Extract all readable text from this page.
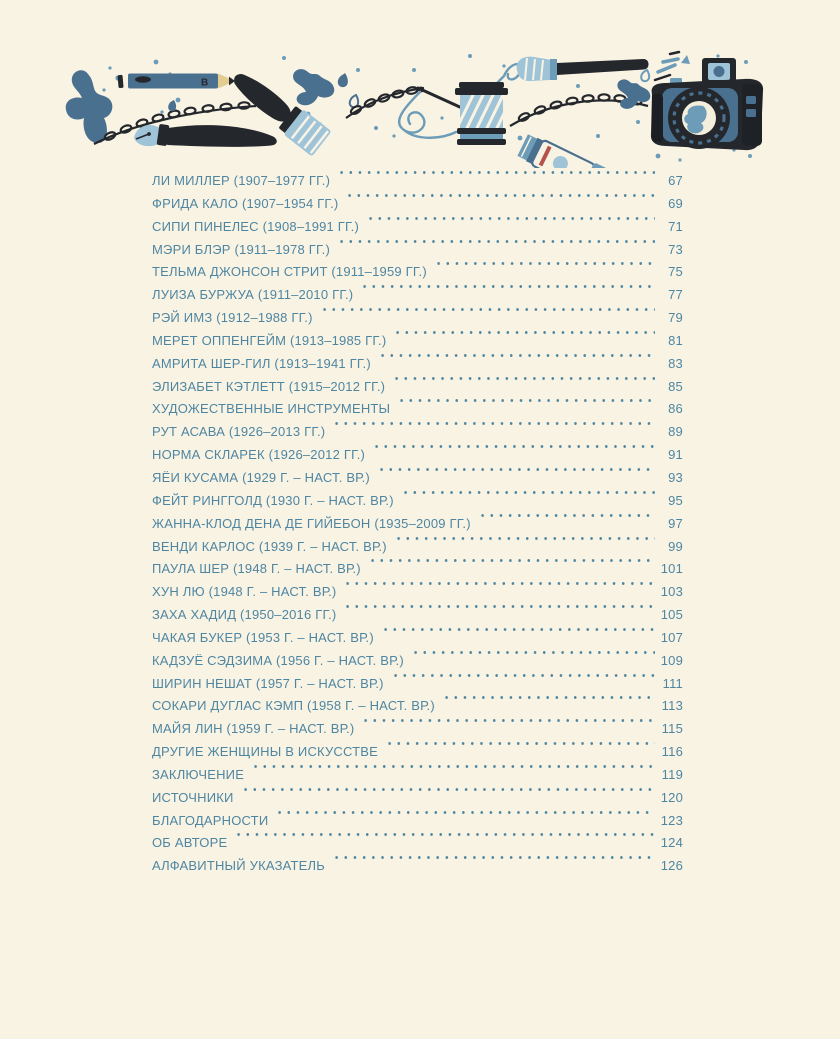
В
ЛИ МИЛЛЕР (1907–1977 ГГ.)	67
ФРИДА КАЛО (1907–1954 ГГ.)	69
СИПИ ПИНЕЛЕС (1908–1991 ГГ.)	71
МЭРИ БЛЭР (1911–1978 ГГ.)	73
ТЕЛЬМА ДЖОНСОН СТРИТ (1911–1959 ГГ.)	75
ЛУИЗА БУРЖУА (1911–2010 ГГ.)	77
РЭЙ ИМЗ (1912–1988 ГГ.)	79
МЕРЕТ ОППЕНГЕЙМ (1913–1985 ГГ.)	81
АМРИТА ШЕР-ГИЛ (1913–1941 ГГ.)	83
ЭЛИЗАБЕТ КЭТЛЕТТ (1915–2012 ГГ.)	85
ХУДОЖЕСТВЕННЫЕ ИНСТРУМЕНТЫ	86
РУТ АСАВА (1926–2013 ГГ.)	89
НОРМА СКЛАРЕК (1926–2012 ГГ.)	91
ЯЁИ КУСАМА (1929 Г. – НАСТ. ВР.)	93
ФЕЙТ РИНГГОЛД (1930 Г. – НАСТ. ВР.)	95
ЖАННА-КЛОД ДЕНА ДЕ ГИЙЕБОН (1935–2009 ГГ.)	97
ВЕНДИ КАРЛОС (1939 Г. – НАСТ. ВР.)	99
ПАУЛА ШЕР (1948 Г. – НАСТ. ВР.)	101
ХУН ЛЮ (1948 Г. – НАСТ. ВР.)	103
ЗАХА ХАДИД (1950–2016 ГГ.)	105
ЧАКАЯ БУКЕР (1953 Г. – НАСТ. ВР.)	107
КАДЗУЁ СЭДЗИМА (1956 Г. – НАСТ. ВР.)	109
ШИРИН НЕШАТ (1957 Г. – НАСТ. ВР.)	111
СОКАРИ ДУГЛАС КЭМП (1958 Г. – НАСТ. ВР.)	113
МАЙЯ ЛИН (1959 Г. – НАСТ. ВР.)	115
ДРУГИЕ ЖЕНЩИНЫ В ИСКУССТВЕ	116
ЗАКЛЮЧЕНИЕ	119
ИСТОЧНИКИ	120
БЛАГОДАРНОСТИ	123
ОБ АВТОРЕ	124
АЛФАВИТНЫЙ УКАЗАТЕЛЬ	126
